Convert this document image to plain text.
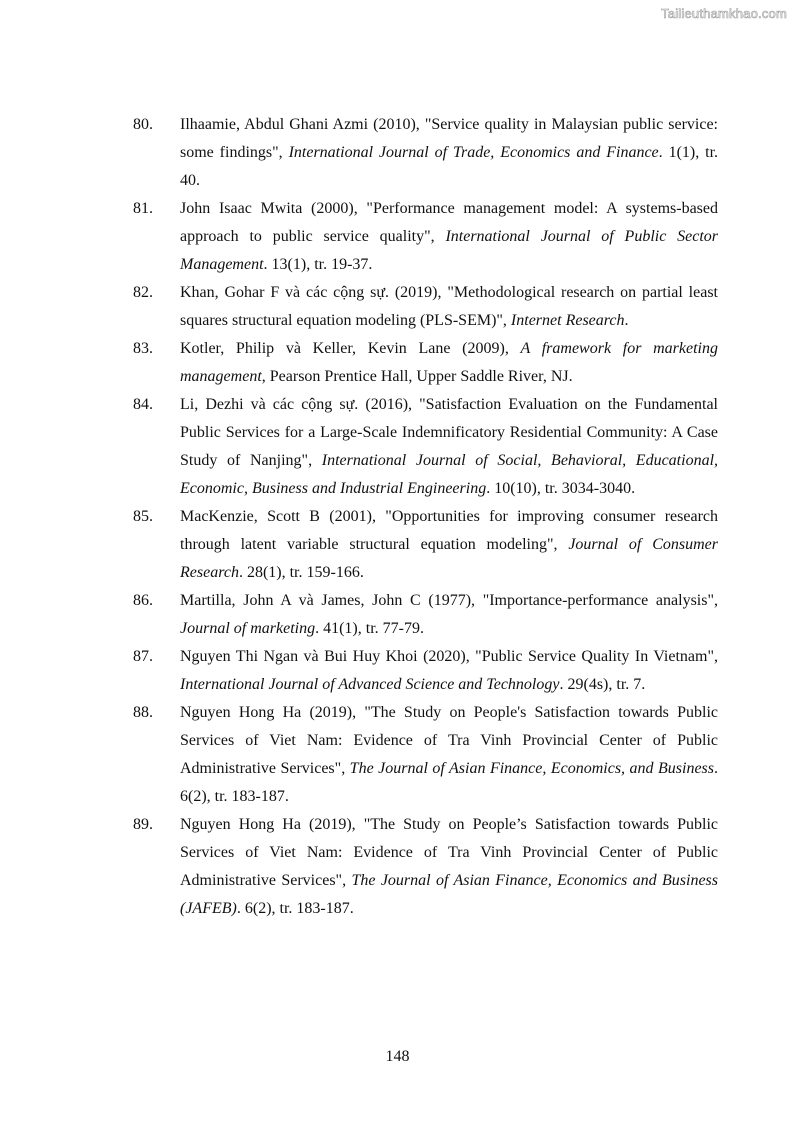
Tailieuthamkhao.com
80.	Ilhaamie, Abdul Ghani Azmi (2010), "Service quality in Malaysian public service: some findings", International Journal of Trade, Economics and Finance. 1(1), tr. 40.
81.	John Isaac Mwita (2000), "Performance management model: A systems-based approach to public service quality", International Journal of Public Sector Management. 13(1), tr. 19-37.
82.	Khan, Gohar F và các cộng sự. (2019), "Methodological research on partial least squares structural equation modeling (PLS-SEM)", Internet Research.
83.	Kotler, Philip và Keller, Kevin Lane (2009), A framework for marketing management, Pearson Prentice Hall, Upper Saddle River, NJ.
84.	Li, Dezhi và các cộng sự. (2016), "Satisfaction Evaluation on the Fundamental Public Services for a Large-Scale Indemnificatory Residential Community: A Case Study of Nanjing", International Journal of Social, Behavioral, Educational, Economic, Business and Industrial Engineering. 10(10), tr. 3034-3040.
85.	MacKenzie, Scott B (2001), "Opportunities for improving consumer research through latent variable structural equation modeling", Journal of Consumer Research. 28(1), tr. 159-166.
86.	Martilla, John A và James, John C (1977), "Importance-performance analysis", Journal of marketing. 41(1), tr. 77-79.
87.	Nguyen Thi Ngan và Bui Huy Khoi (2020), "Public Service Quality In Vietnam", International Journal of Advanced Science and Technology. 29(4s), tr. 7.
88.	Nguyen Hong Ha (2019), "The Study on People's Satisfaction towards Public Services of Viet Nam: Evidence of Tra Vinh Provincial Center of Public Administrative Services", The Journal of Asian Finance, Economics, and Business. 6(2), tr. 183-187.
89.	Nguyen Hong Ha (2019), "The Study on People’s Satisfaction towards Public Services of Viet Nam: Evidence of Tra Vinh Provincial Center of Public Administrative Services", The Journal of Asian Finance, Economics and Business (JAFEB). 6(2), tr. 183-187.
148
